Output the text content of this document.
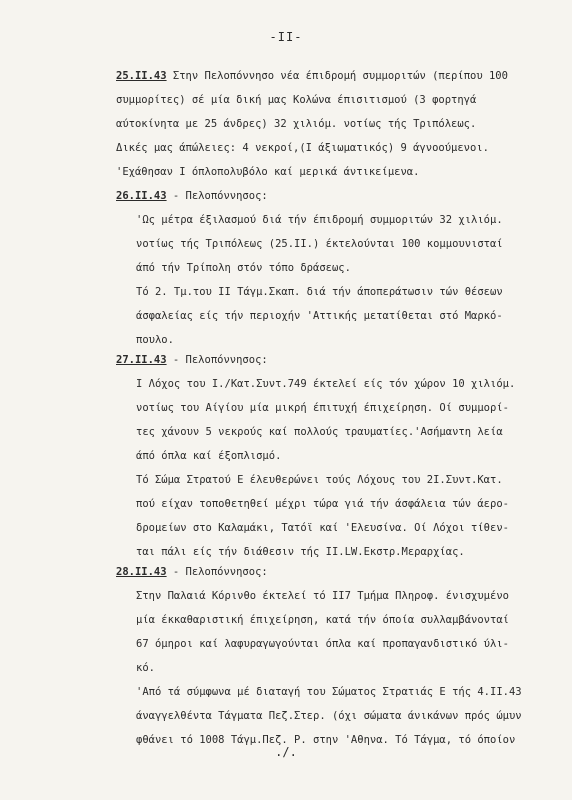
-II-
25.II.43 Στην Πελοπόννησο νέα έπιδρομή συμμοριτών (περίπου 100
συμμορίτες) σέ μία δική μας Κολώνα έπισιτισμού (3 φορτηγά
αύτοκίνητα με 25 άνδρες) 32 χιλιόμ. νοτίως τής Τριπόλεως.
Δικές μας άπώλειες: 4 νεκροί,(I άξιωματικός) 9 άγνοούμενοι.
'Εχάθησαν I όπλοπολυβόλο καί μερικά άντικείμενα.
26.II.43 - Πελοπόννησος:
'Ως μέτρα έξιλασμού διά τήν έπιδρομή συμμοριτών 32 χιλιόμ.
νοτίως τής Τριπόλεως (25.II.) έκτελούνται 100 κομμουνισταί
άπό τήν Τρίπολη στόν τόπο δράσεως.
Τό 2. Τμ.του II Τάγμ.Σκαπ. διά τήν άποπεράτωσιν τών θέσεων
άσφαλείας είς τήν περιοχήν 'Αττικής μετατίθεται στό Μαρκό-
πουλο.
27.II.43 - Πελοπόννησος:
I Λόχος του I./Κατ.Συντ.749 έκτελεί είς τόν χώρον 10 χιλιόμ.
νοτίως του Αίγίου μία μικρή έπιτυχή έπιχείρηση. Οί συμμορί-
τες χάνουν 5 νεκρούς καί πολλούς τραυματίες.'Ασήμαντη λεία
άπό όπλα καί έξοπλισμό.
Τό Σώμα Στρατού Ε έλευθερώνει τούς Λόχους του 2Ι.Συντ.Κατ.
πού είχαν τοποθετηθεί μέχρι τώρα γιά τήν άσφάλεια τών άερο-
δρομείων στο Καλαμάκι, Τατόϊ καί 'Ελευσίνα. Οί Λόχοι τίθεν-
ται πάλι είς τήν διάθεσιν τής II.LW.Εκστρ.Μεραρχίας.
28.II.43 - Πελοπόννησος:
Στην Παλαιά Κόρινθο έκτελεί τό II7 Τμήμα Πληροφ. ένισχυμένο
μία έκκαθαριστική έπιχείρηση, κατά τήν όποία συλλαμβάνονταί
67 όμηροι καί λαφυραγωγούνται όπλα καί προπαγανδιστικό ύλι-
κό.
'Από τά σύμφωνα μέ διαταγή του Σώματος Στρατιάς Ε τής 4.II.43
άναγγελθέντα Τάγματα Πεζ.Στερ. (όχι σώματα άνικάνων πρός ώμυν
φθάνει τό 1008 Τάγμ.Πεζ. Ρ. στην 'Αθηνα. Τό Τάγμα, τό όποίον
./.
